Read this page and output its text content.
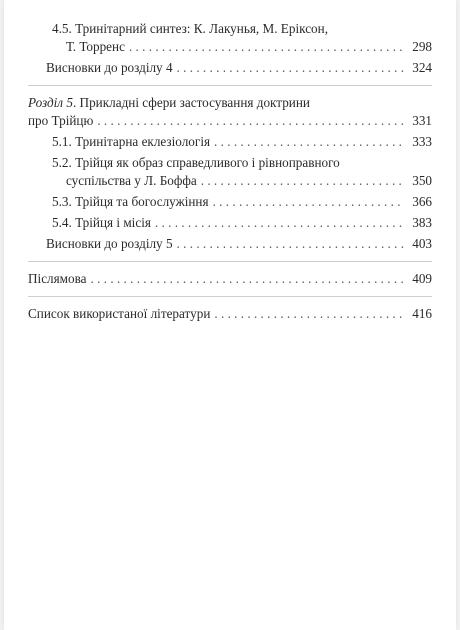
4.5. Тринітарний синтез: К. Лакунья, М. Еріксон,
Т. Торренс . . .	298
Висновки до розділу 4 . . .	324
Розділ 5. Прикладні сфери застосування доктрини
про Трійцю . . .	331
5.1. Тринітарна еклезіологія . . .	333
5.2. Трійця як образ справедливого і рівноправного
суспільства у Л. Боффа . . .	350
5.3. Трійця та богослужіння . . .	366
5.4. Трійця і місія . . .	383
Висновки до розділу 5 . . .	403
Післямова . . .	409
Список використаної літератури . . .	416
